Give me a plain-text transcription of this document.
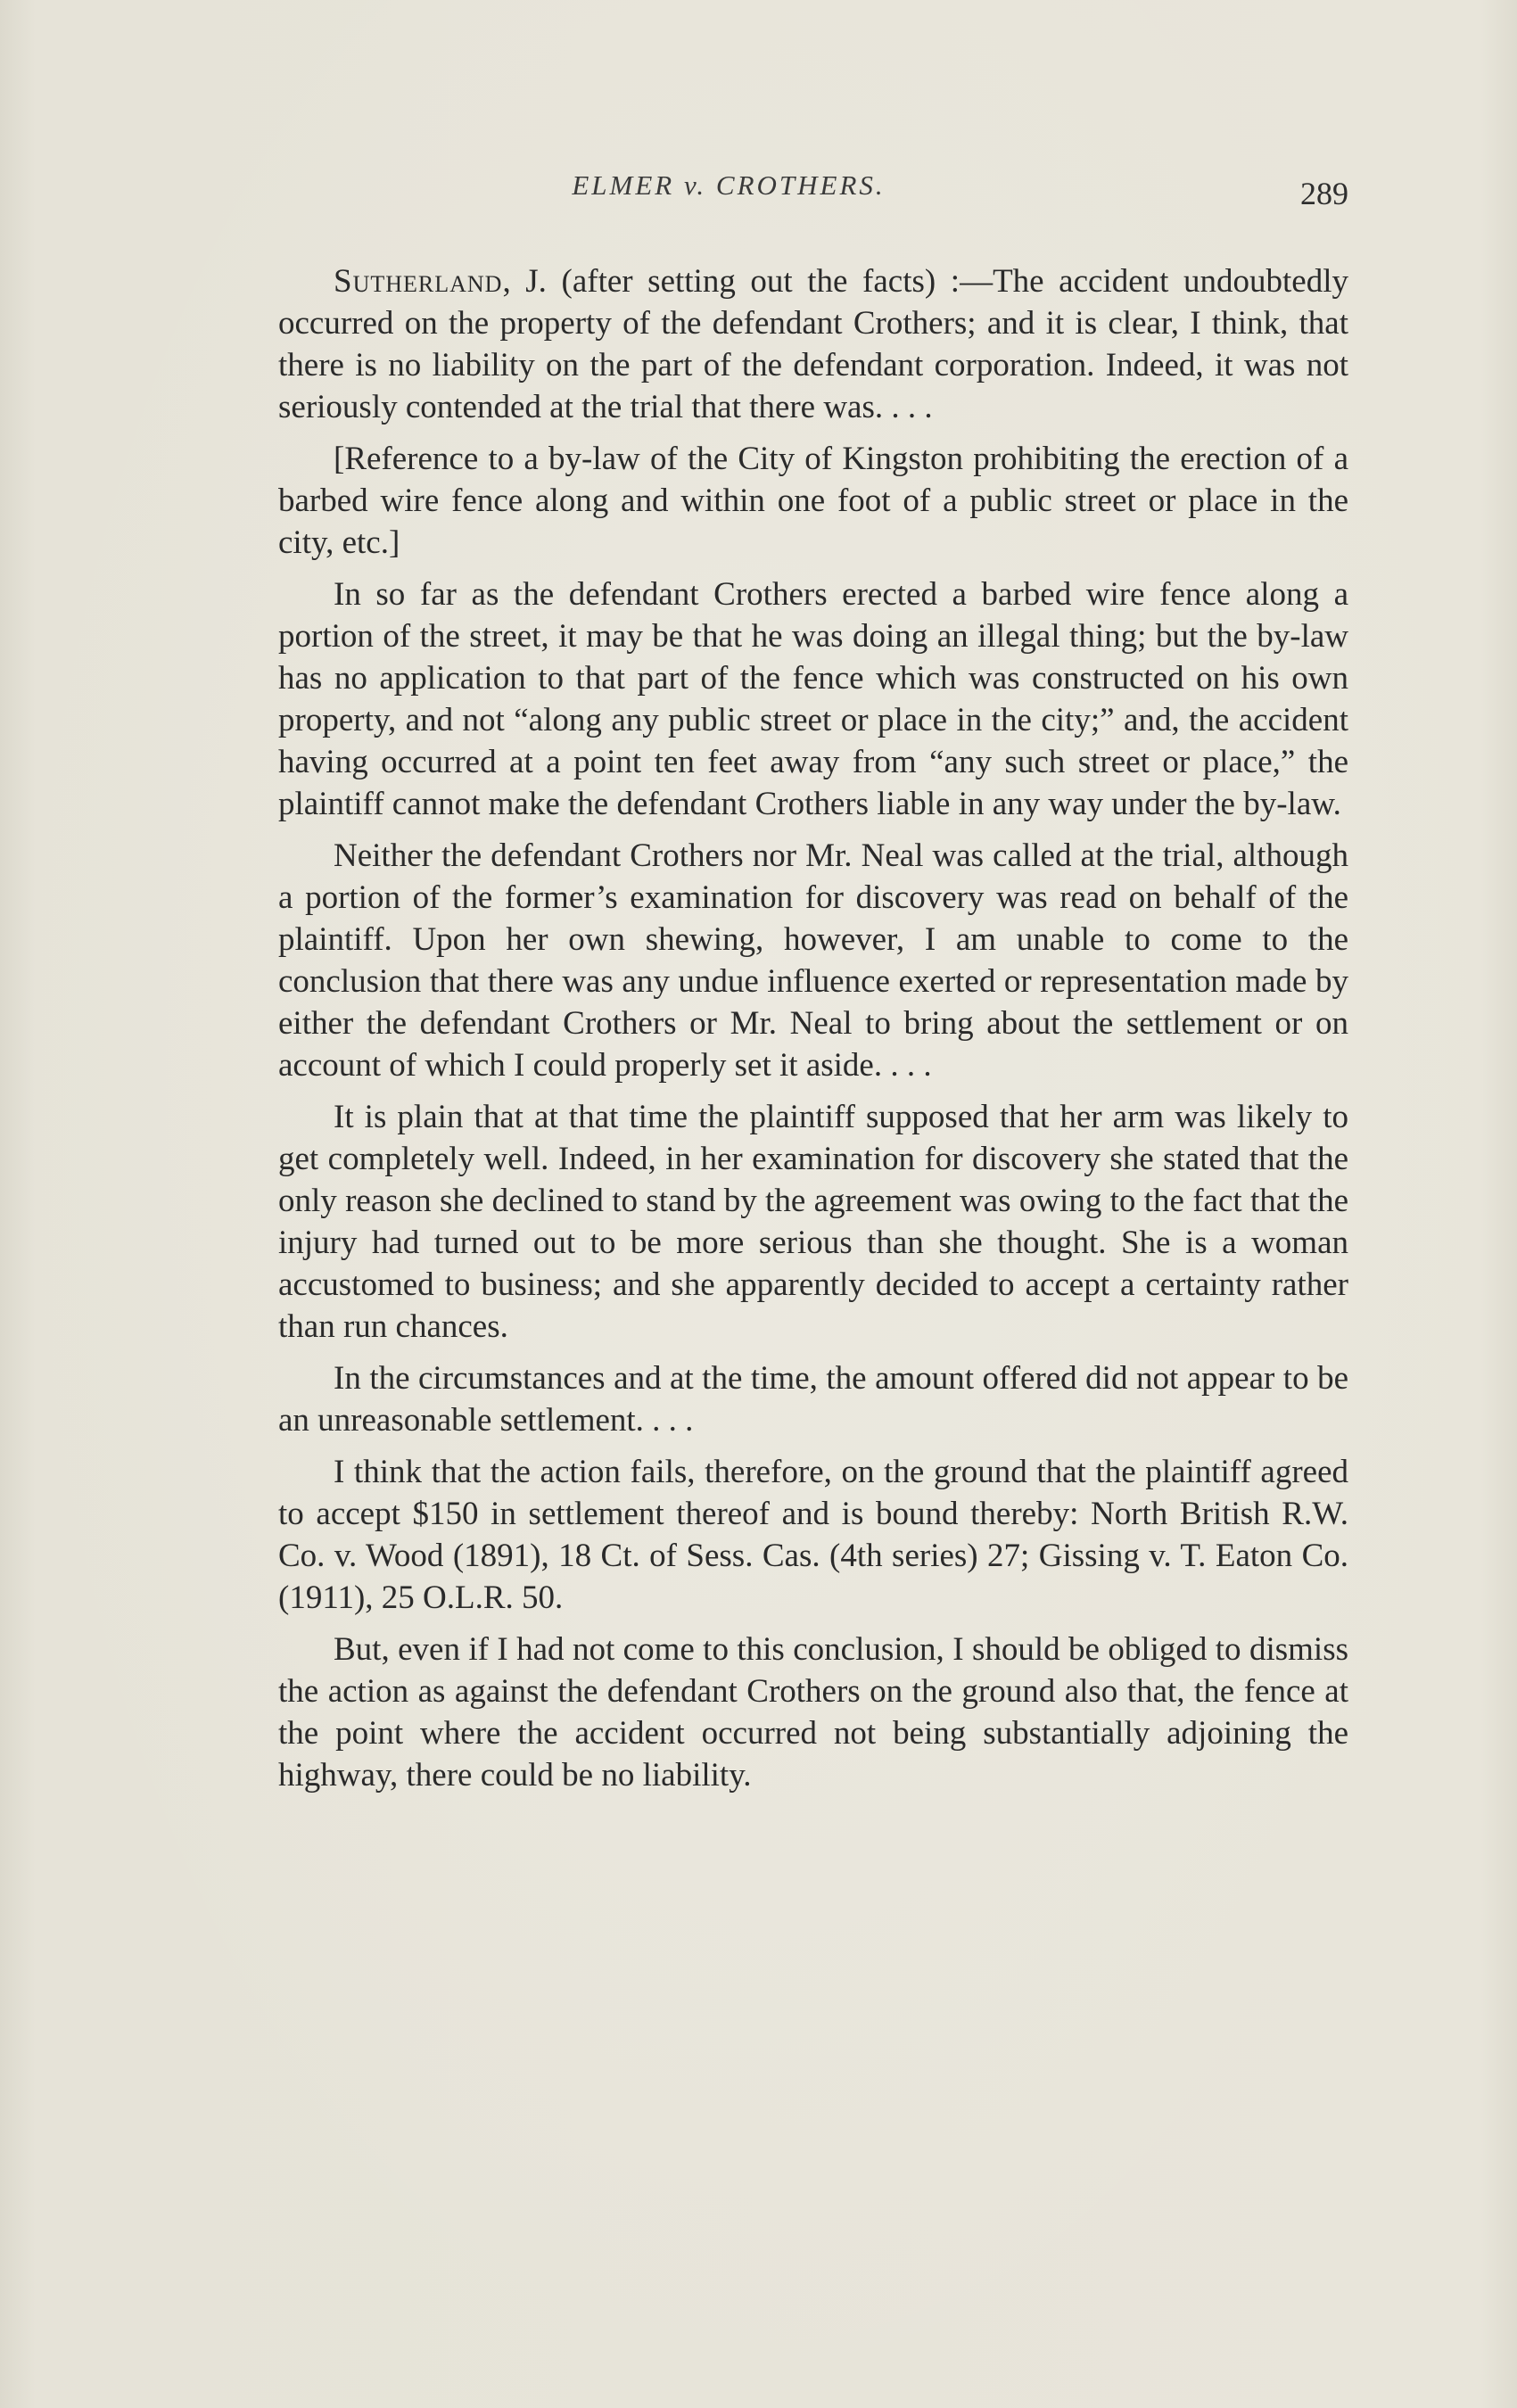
ELMER v. CROTHERS.	289

Sutherland, J. (after setting out the facts) :—The accident undoubtedly occurred on the property of the defendant Crothers; and it is clear, I think, that there is no liability on the part of the defendant corporation. Indeed, it was not seriously contended at the trial that there was. . . .

[Reference to a by-law of the City of Kingston prohibiting the erection of a barbed wire fence along and within one foot of a public street or place in the city, etc.]

In so far as the defendant Crothers erected a barbed wire fence along a portion of the street, it may be that he was doing an illegal thing; but the by-law has no application to that part of the fence which was constructed on his own property, and not “along any public street or place in the city;” and, the accident having occurred at a point ten feet away from “any such street or place,” the plaintiff cannot make the defendant Crothers liable in any way under the by-law.

Neither the defendant Crothers nor Mr. Neal was called at the trial, although a portion of the former’s examination for discovery was read on behalf of the plaintiff. Upon her own shewing, however, I am unable to come to the conclusion that there was any undue influence exerted or representation made by either the defendant Crothers or Mr. Neal to bring about the settlement or on account of which I could properly set it aside. . . .

It is plain that at that time the plaintiff supposed that her arm was likely to get completely well. Indeed, in her examination for discovery she stated that the only reason she declined to stand by the agreement was owing to the fact that the injury had turned out to be more serious than she thought. She is a woman accustomed to business; and she apparently decided to accept a certainty rather than run chances.

In the circumstances and at the time, the amount offered did not appear to be an unreasonable settlement. . . .

I think that the action fails, therefore, on the ground that the plaintiff agreed to accept $150 in settlement thereof and is bound thereby: North British R.W. Co. v. Wood (1891), 18 Ct. of Sess. Cas. (4th series) 27; Gissing v. T. Eaton Co. (1911), 25 O.L.R. 50.

But, even if I had not come to this conclusion, I should be obliged to dismiss the action as against the defendant Crothers on the ground also that, the fence at the point where the accident occurred not being substantially adjoining the highway, there could be no liability.
